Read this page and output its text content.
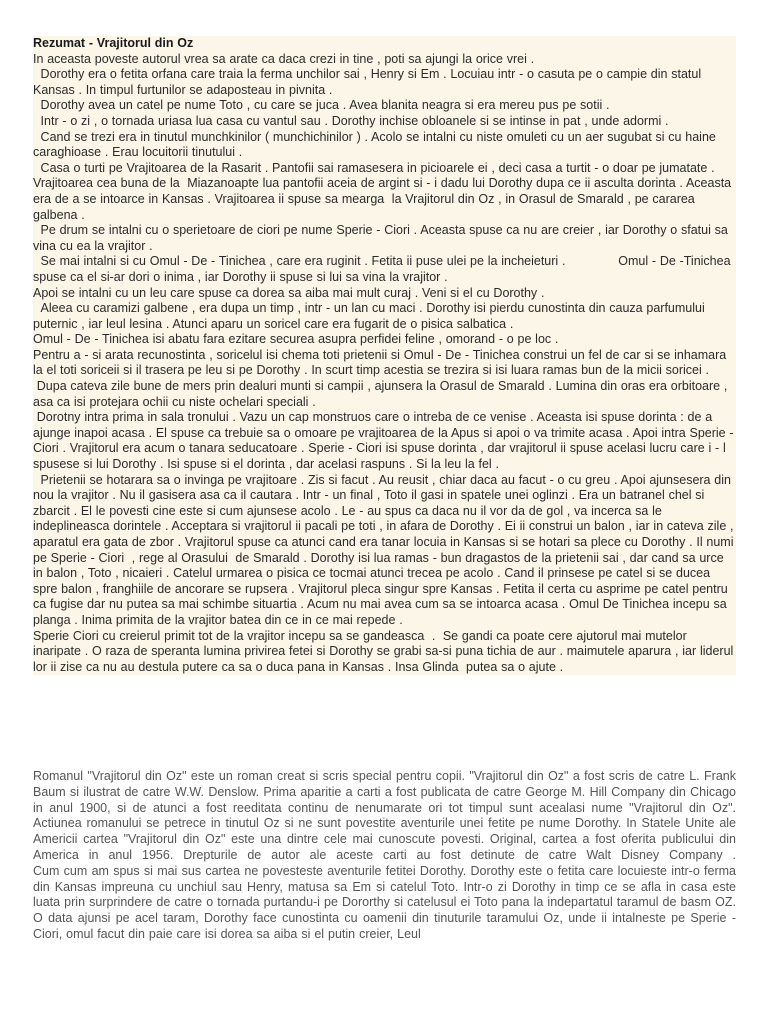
Rezumat - Vrajitorul din Oz

In aceasta poveste autorul vrea sa arate ca daca crezi in tine , poti sa ajungi la orice vrei .

Dorothy era o fetita orfana care traia la ferma unchilor sai , Henry si Em . Locuiau intr - o casuta pe o campie din statul Kansas . In timpul furtunilor se adaposteau in pivnita .

Dorothy avea un catel pe nume Toto , cu care se juca . Avea blanita neagra si era mereu pus pe sotii .

Intr - o zi , o tornada uriasa lua casa cu vantul sau . Dorothy inchise obloanele si se intinse in pat , unde adormi .

Cand se trezi era in tinutul munchkinilor ( munchichinilor ) . Acolo se intalni cu niste omuleti cu un aer sugubat si cu haine caraghioase . Erau locuitorii tinutului .

Casa o turti pe Vrajitoarea de la Rasarit . Pantofii sai ramasesera in picioarele ei , deci casa a turtit - o doar pe jumatate . Vrajitoarea cea buna de la  Miazanoapte lua pantofii aceia de argint si - i dadu lui Dorothy dupa ce ii asculta dorinta . Aceasta era de a se intoarce in Kansas . Vrajitoarea ii spuse sa mearga  la Vrajitorul din Oz , in Orasul de Smarald , pe cararea galbena .

Pe drum se intalni cu o sperietoare de ciori pe nume Sperie - Ciori . Aceasta spuse ca nu are creier , iar Dorothy o sfatui sa vina cu ea la vrajitor .

Se mai intalni si cu Omul - De - Tinichea , care era ruginit . Fetita ii puse ulei pe la incheieturi .              Omul - De -Tinichea  spuse ca el si-ar dori o inima , iar Dorothy ii spuse si lui sa vina la vrajitor .

Apoi se intalni cu un leu care spuse ca dorea sa aiba mai mult curaj . Veni si el cu Dorothy .

Aleea cu caramizi galbene , era dupa un timp , intr - un lan cu maci . Dorothy isi pierdu cunostinta din cauza parfumului puternic , iar leul lesina . Atunci aparu un soricel care era fugarit de o pisica salbatica .

Omul - De - Tinichea isi abatu fara ezitare securea asupra perfidei feline , omorand - o pe loc .

Pentru a - si arata recunostinta , soricelul isi chema toti prietenii si Omul - De - Tinichea construi un fel de car si se inhamara la el toti soriceii si il trasera pe leu si pe Dorothy . In scurt timp acestia se trezira si isi luara ramas bun de la micii soricei .

Dupa cateva zile bune de mers prin dealuri munti si campii , ajunsera la Orasul de Smarald . Lumina din oras era orbitoare , asa ca isi protejara ochii cu niste ochelari speciali .

Dorotny intra prima in sala tronului . Vazu un cap monstruos care o intreba de ce venise . Aceasta isi spuse dorinta : de a ajunge inapoi acasa . El spuse ca trebuie sa o omoare pe vrajitoarea de la Apus si apoi o va trimite acasa . Apoi intra Sperie - Ciori . Vrajitorul era acum o tanara seducatoare . Sperie - Ciori isi spuse dorinta , dar vrajitorul ii spuse acelasi lucru care i - l spusese si lui Dorothy . Isi spuse si el dorinta , dar acelasi raspuns . Si la leu la fel .

Prietenii se hotarara sa o invinga pe vrajitoare . Zis si facut . Au reusit , chiar daca au facut - o cu greu . Apoi ajunsesera din nou la vrajitor . Nu il gasisera asa ca il cautara . Intr - un final , Toto il gasi in spatele unei oglinzi . Era un batranel chel si zbarcit . El le povesti cine este si cum ajunsese acolo . Le - au spus ca daca nu il vor da de gol , va incerca sa le indeplineasca dorintele . Acceptara si vrajitorul ii pacali pe toti , in afara de Dorothy . Ei ii construi un balon , iar in cateva zile , aparatul era gata de zbor . Vrajitorul spuse ca atunci cand era tanar locuia in Kansas si se hotari sa plece cu Dorothy . Il numi pe Sperie - Ciori  , rege al Orasului  de Smarald . Dorothy isi lua ramas - bun dragastos de la prietenii sai , dar cand sa urce in balon , Toto , nicaieri . Catelul urmarea o pisica ce tocmai atunci trecea pe acolo . Cand il prinsese pe catel si se ducea spre balon , franghiile de ancorare se rupsera . Vrajitorul pleca singur spre Kansas . Fetita il certa cu asprime pe catel pentru ca fugise dar nu putea sa mai schimbe situartia . Acum nu mai avea cum sa se intoarca acasa . Omul De Tinichea incepu sa planga . Inima primita de la vrajitor batea din ce in ce mai repede .

Sperie Ciori cu creierul primit tot de la vrajitor incepu sa se gandeasca  .  Se gandi ca poate cere ajutorul mai mutelor inaripate . O raza de speranta lumina privirea fetei si Dorothy se grabi sa-si puna tichia de aur . maimutele aparura , iar liderul lor ii zise ca nu au destula putere ca sa o duca pana in Kansas . Insa Glinda  putea sa o ajute .

Romanul "Vrajitorul din Oz" este un roman creat si scris special pentru copii. "Vrajitorul din Oz" a fost scris de catre L. Frank Baum si ilustrat de catre W.W. Denslow. Prima aparitie a carti a fost publicata de catre George M. Hill Company din Chicago in anul 1900, si de atunci a fost reeditata continu de nenumarate ori tot timpul sunt acealasi nume "Vrajitorul din Oz".

Actiunea romanului se petrece in tinutul Oz si ne sunt povestite aventurile unei fetite pe nume Dorothy. In Statele Unite ale Americii cartea "Vrajitorul din Oz" este una dintre cele mai cunoscute povesti. Original, cartea a fost oferita publicului din America in anul 1956. Drepturile de autor ale aceste carti au fost detinute de catre Walt Disney Company .

Cum cum am spus si mai sus cartea ne povesteste aventurile fetitei Dorothy. Dorothy este o fetita care locuieste intr-o ferma din Kansas impreuna cu unchiul sau Henry, matusa sa Em si catelul Toto. Intr-o zi Dorothy in timp ce se afla in casa este luata prin surprindere de catre o tornada purtandu-i pe Dororthy si catelusul ei Toto pana la indepartatul taramul de basm OZ. O data ajunsi pe acel taram, Dorothy face cunostinta cu oamenii din tinuturile taramului Oz, unde ii intalneste pe Sperie -Ciori, omul facut din paie care isi dorea sa aiba si el putin creier, Leul
